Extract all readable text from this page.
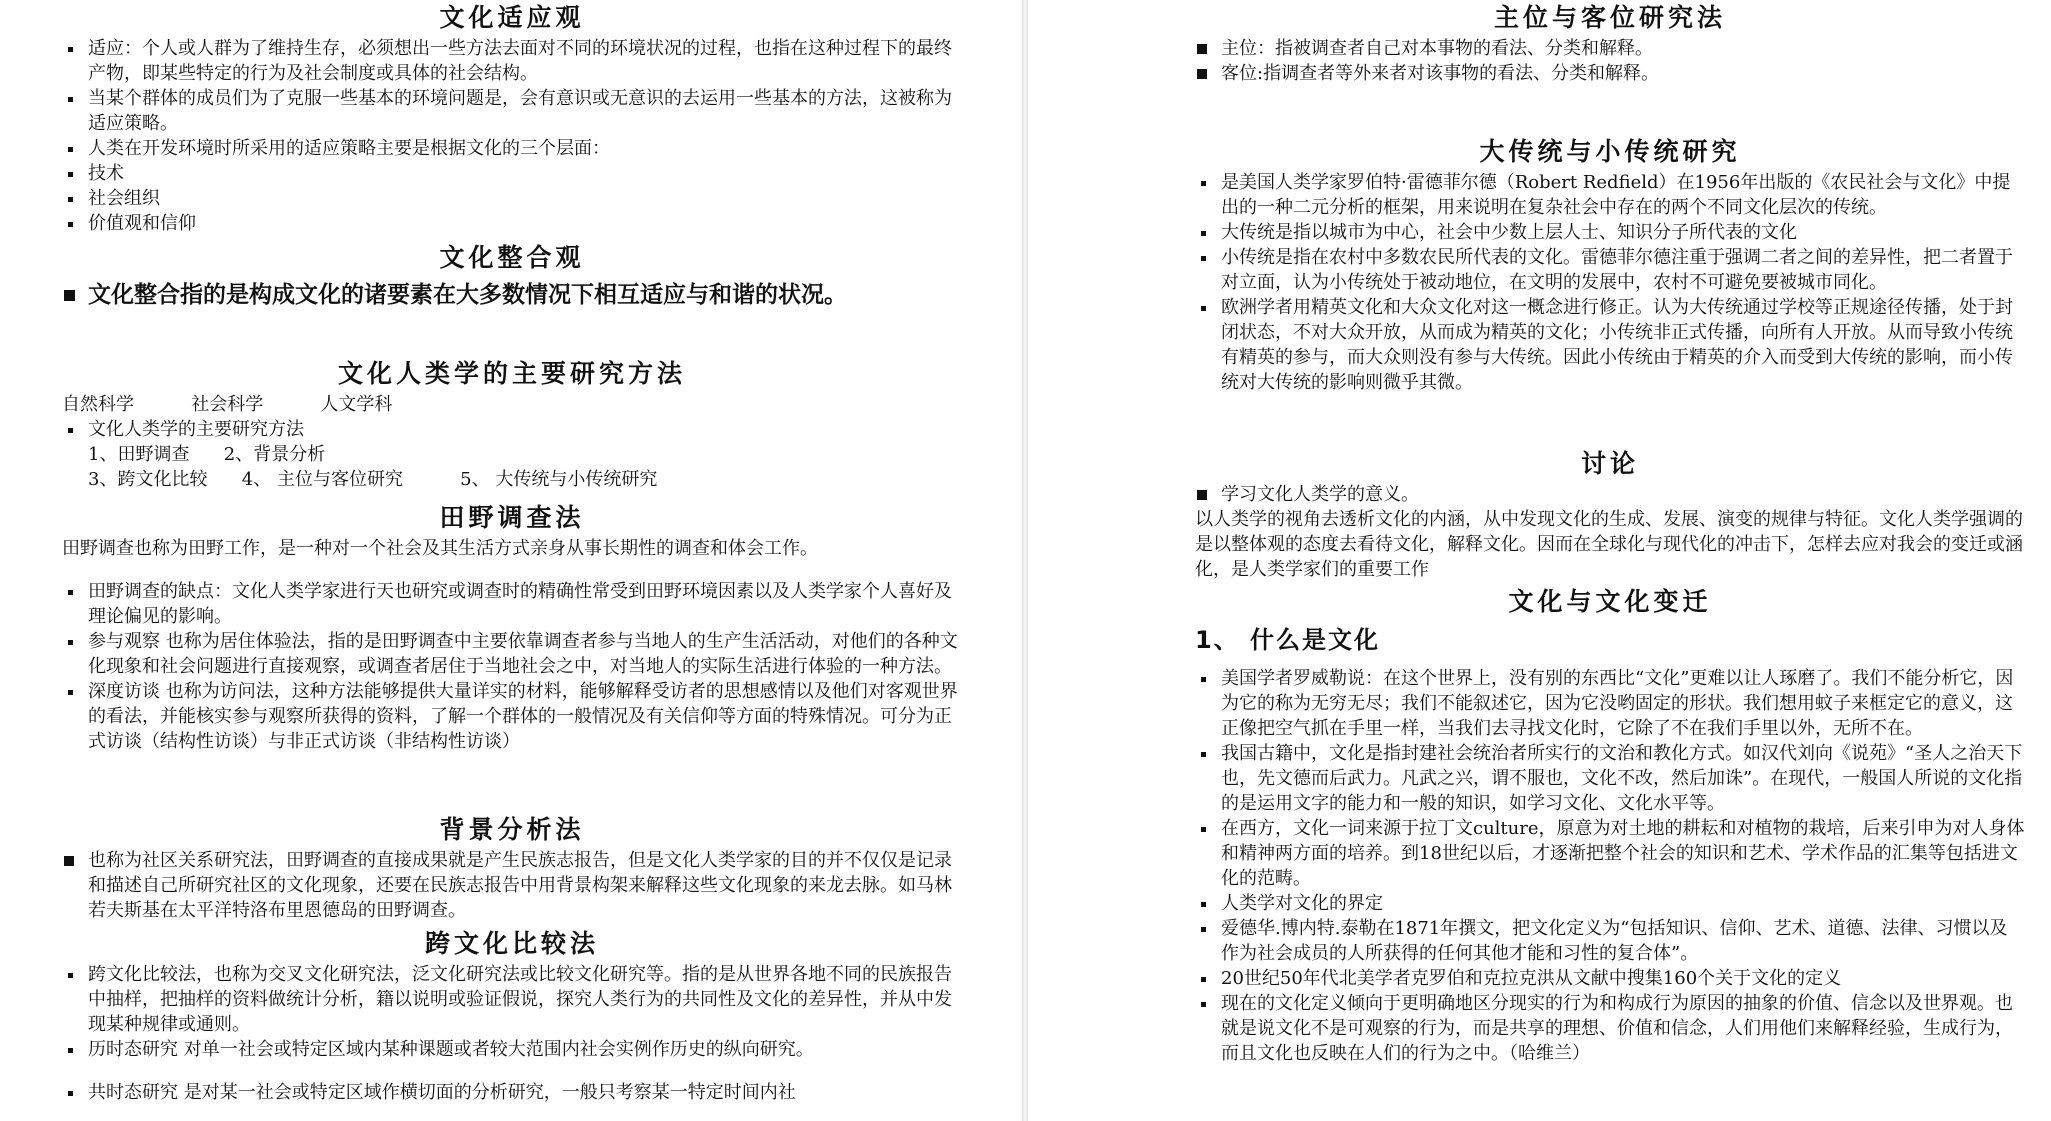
文化适应观
适应：个人或人群为了维持生存，必须想出一些方法去面对不同的环境状况的过程，也指在这种过程下的最终产物，即某些特定的行为及社会制度或具体的社会结构。
当某个群体的成员们为了克服一些基本的环境问题是，会有意识或无意识的去运用一些基本的方法，这被称为适应策略。
人类在开发环境时所采用的适应策略主要是根据文化的三个层面：
技术
社会组织
价值观和信仰
文化整合观
文化整合指的是构成文化的诸要素在大多数情况下相互适应与和谐的状况。
文化人类学的主要研究方法
自然科学          社会科学          人文学科
文化人类学的主要研究方法
1、田野调查      2、背景分析
3、跨文化比较      4、 主位与客位研究          5、 大传统与小传统研究
田野调查法
田野调查也称为田野工作，是一种对一个社会及其生活方式亲身从事长期性的调查和体会工作。
田野调查的缺点：文化人类学家进行天也研究或调查时的精确性常受到田野环境因素以及人类学家个人喜好及理论偏见的影响。
参与观察 也称为居住体验法，指的是田野调查中主要依靠调查者参与当地人的生产生活活动，对他们的各种文化现象和社会问题进行直接观察，或调查者居住于当地社会之中，对当地人的实际生活进行体验的一种方法。
深度访谈 也称为访问法，这种方法能够提供大量详实的材料，能够解释受访者的思想感情以及他们对客观世界的看法，并能核实参与观察所获得的资料，了解一个群体的一般情况及有关信仰等方面的特殊情况。可分为正式访谈（结构性访谈）与非正式访谈（非结构性访谈）
背景分析法
也称为社区关系研究法，田野调查的直接成果就是产生民族志报告，但是文化人类学家的目的并不仅仅是记录和描述自己所研究社区的文化现象，还要在民族志报告中用背景构架来解释这些文化现象的来龙去脉。如马林若夫斯基在太平洋特洛布里恩德岛的田野调查。
跨文化比较法
跨文化比较法，也称为交叉文化研究法，泛文化研究法或比较文化研究等。指的是从世界各地不同的民族报告中抽样，把抽样的资料做统计分析，籍以说明或验证假说，探究人类行为的共同性及文化的差异性，并从中发现某种规律或通则。
历时态研究 对单一社会或特定区域内某种课题或者较大范围内社会实例作历史的纵向研究。
共时态研究 是对某一社会或特定区域作横切面的分析研究，一般只考察某一特定时间内社
主位与客位研究法
主位：指被调查者自己对本事物的看法、分类和解释。
客位:指调查者等外来者对该事物的看法、分类和解释。
大传统与小传统研究
是美国人类学家罗伯特·雷德菲尔德（Robert Redfield）在1956年出版的《农民社会与文化》中提出的一种二元分析的框架，用来说明在复杂社会中存在的两个不同文化层次的传统。
大传统是指以城市为中心，社会中少数上层人士、知识分子所代表的文化
小传统是指在农村中多数农民所代表的文化。雷德菲尔德注重于强调二者之间的差异性，把二者置于对立面，认为小传统处于被动地位，在文明的发展中，农村不可避免要被城市同化。
欧洲学者用精英文化和大众文化对这一概念进行修正。认为大传统通过学校等正规途径传播，处于封闭状态，不对大众开放，从而成为精英的文化；小传统非正式传播，向所有人开放。从而导致小传统有精英的参与，而大众则没有参与大传统。因此小传统由于精英的介入而受到大传统的影响，而小传统对大传统的影响则微乎其微。
讨论
学习文化人类学的意义。
以人类学的视角去透析文化的内涵，从中发现文化的生成、发展、演变的规律与特征。文化人类学强调的是以整体观的态度去看待文化，解释文化。因而在全球化与现代化的冲击下，怎样去应对我会的变迁或涵化，是人类学家们的重要工作
文化与文化变迁
1、 什么是文化
美国学者罗威勒说：在这个世界上，没有别的东西比“文化”更难以让人琢磨了。我们不能分析它，因为它的称为无穷无尽；我们不能叙述它，因为它没哟固定的形状。我们想用蚊子来框定它的意义，这正像把空气抓在手里一样，当我们去寻找文化时，它除了不在我们手里以外，无所不在。
我国古籍中，文化是指封建社会统治者所实行的文治和教化方式。如汉代刘向《说苑》“圣人之治天下也，先文德而后武力。凡武之兴，谓不服也，文化不改，然后加诛”。在现代，一般国人所说的文化指的是运用文字的能力和一般的知识，如学习文化、文化水平等。
在西方，文化一词来源于拉丁文culture，原意为对土地的耕耘和对植物的栽培，后来引申为对人身体和精神两方面的培养。到18世纪以后，才逐渐把整个社会的知识和艺术、学术作品的汇集等包括进文化的范畴。
人类学对文化的界定
爱德华.博内特.泰勒在1871年撰文，把文化定义为“包括知识、信仰、艺术、道德、法律、习惯以及作为社会成员的人所获得的任何其他才能和习性的复合体”。
20世纪50年代北美学者克罗伯和克拉克洪从文献中搜集160个关于文化的定义
现在的文化定义倾向于更明确地区分现实的行为和构成行为原因的抽象的价值、信念以及世界观。也就是说文化不是可观察的行为，而是共享的理想、价值和信念，人们用他们来解释经验，生成行为，而且文化也反映在人们的行为之中。（哈维兰）
